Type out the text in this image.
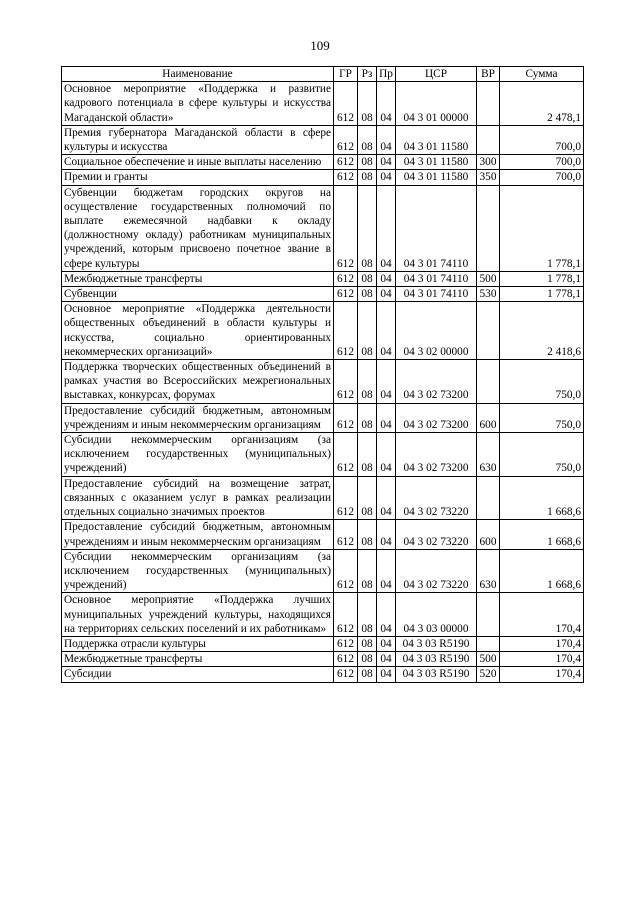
109
Наименование	ГР	Рз	Пр	ЦСР	ВР	Сумма
Основное мероприятие «Поддержка и развитие кадрового потенциала в сфере культуры и искусства Магаданской области»	612	08	04	04 3 01 00000		2 478,1
Премия губернатора Магаданской области в сфере культуры и искусства	612	08	04	04 3 01 11580		700,0
Социальное обеспечение и иные выплаты населению	612	08	04	04 3 01 11580	300	700,0
Премии и гранты	612	08	04	04 3 01 11580	350	700,0
Субвенции бюджетам городских округов на осуществление государственных полномочий по выплате ежемесячной надбавки к окладу (должностному окладу) работникам муниципальных учреждений, которым присвоено почетное звание в сфере культуры	612	08	04	04 3 01 74110		1 778,1
Межбюджетные трансферты	612	08	04	04 3 01 74110	500	1 778,1
Субвенции	612	08	04	04 3 01 74110	530	1 778,1
Основное мероприятие «Поддержка деятельности общественных объединений в области культуры и искусства, социально ориентированных некоммерческих организаций»	612	08	04	04 3 02 00000		2 418,6
Поддержка творческих общественных объединений в рамках участия во Всероссийских межрегиональных выставках, конкурсах, форумах	612	08	04	04 3 02 73200		750,0
Предоставление субсидий бюджетным, автономным учреждениям и иным некоммерческим организациям	612	08	04	04 3 02 73200	600	750,0
Субсидии некоммерческим организациям (за исключением государственных (муниципальных) учреждений)	612	08	04	04 3 02 73200	630	750,0
Предоставление субсидий на возмещение затрат, связанных с оказанием услуг в рамках реализации отдельных социально значимых проектов	612	08	04	04 3 02 73220		1 668,6
Предоставление субсидий бюджетным, автономным учреждениям и иным некоммерческим организациям	612	08	04	04 3 02 73220	600	1 668,6
Субсидии некоммерческим организациям (за исключением государственных (муниципальных) учреждений)	612	08	04	04 3 02 73220	630	1 668,6
Основное мероприятие «Поддержка лучших муниципальных учреждений культуры, находящихся на территориях сельских поселений и их работникам»	612	08	04	04 3 03 00000		170,4
Поддержка отрасли культуры	612	08	04	04 3 03 R5190		170,4
Межбюджетные трансферты	612	08	04	04 3 03 R5190	500	170,4
Субсидии	612	08	04	04 3 03 R5190	520	170,4
